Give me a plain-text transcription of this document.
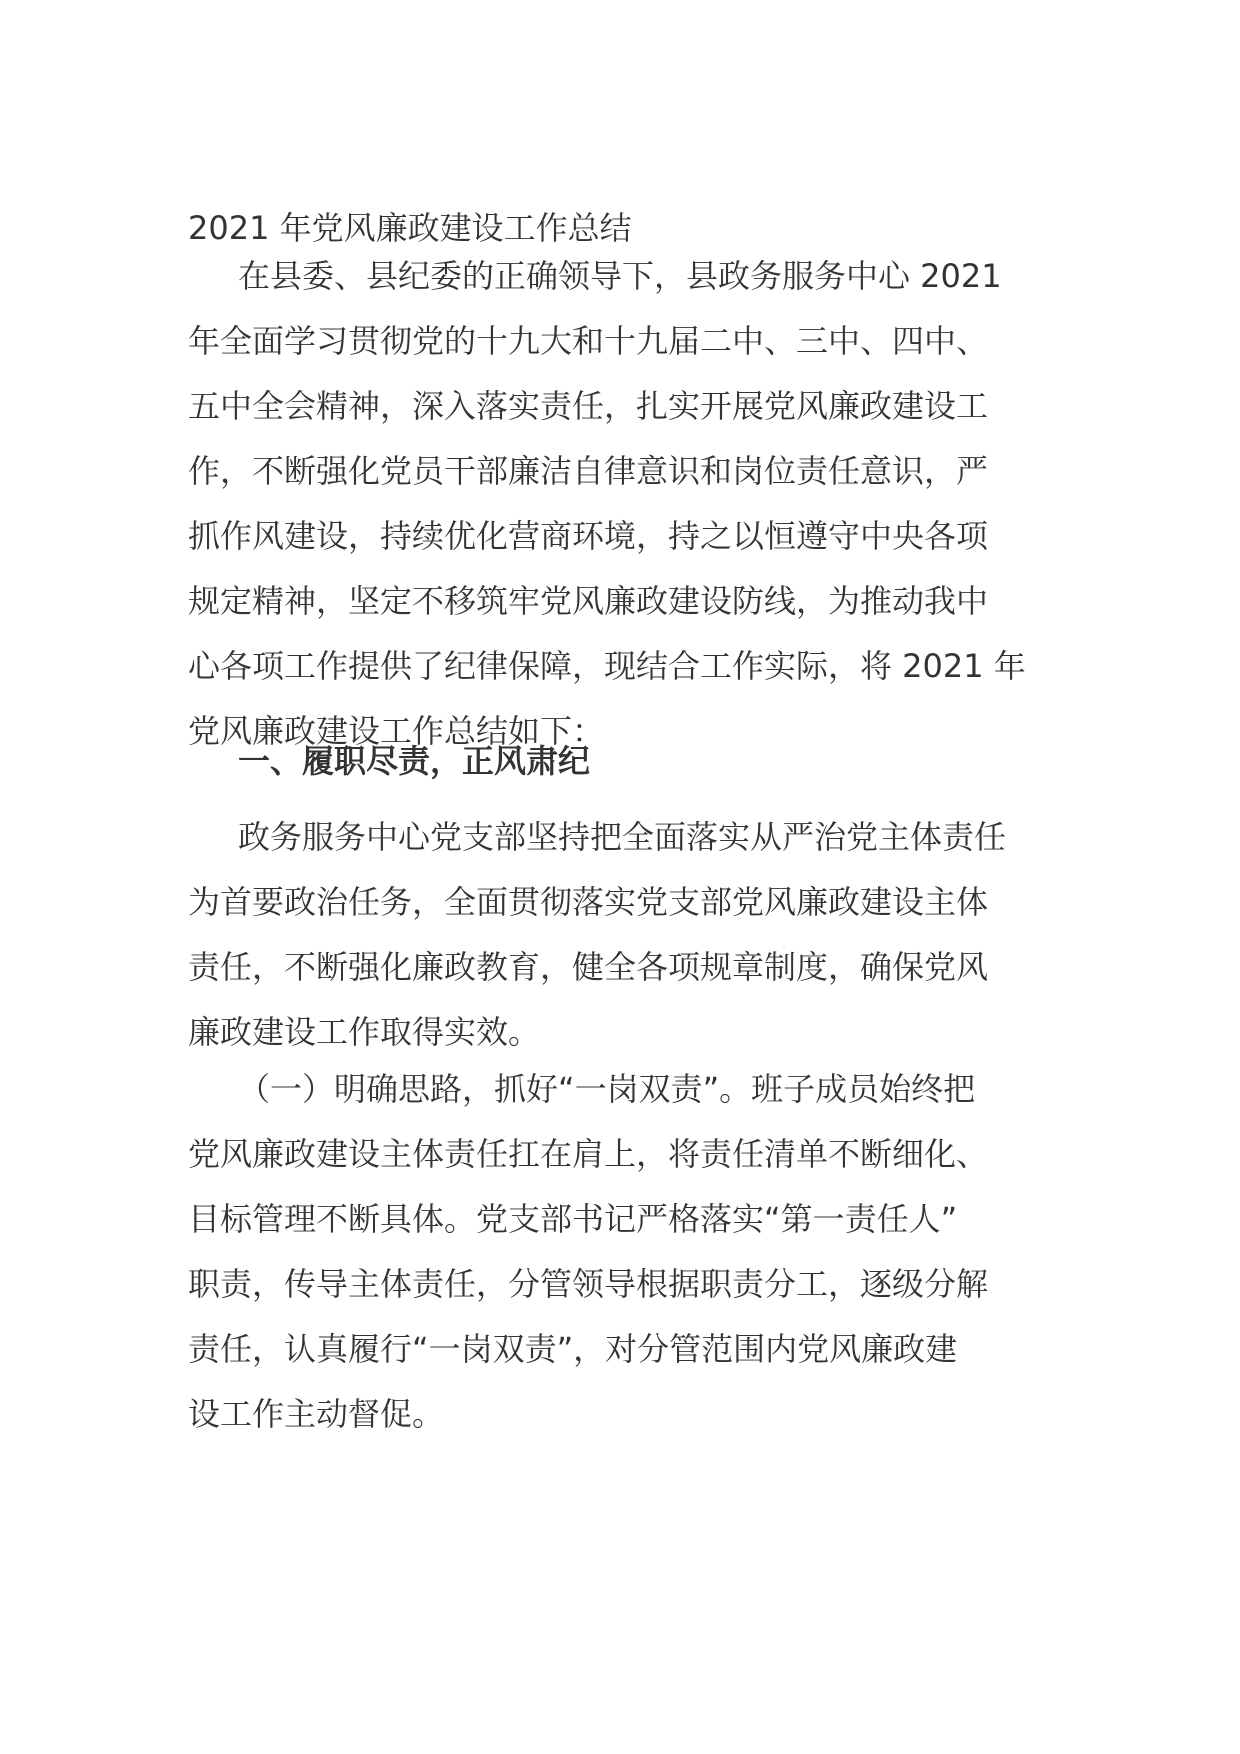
2021 年党风廉政建设工作总结

在县委、县纪委的正确领导下，县政务服务中心 2021
年全面学习贯彻党的十九大和十九届二中、三中、四中、
五中全会精神，深入落实责任，扎实开展党风廉政建设工
作，不断强化党员干部廉洁自律意识和岗位责任意识，严
抓作风建设，持续优化营商环境，持之以恒遵守中央各项
规定精神，坚定不移筑牢党风廉政建设防线，为推动我中
心各项工作提供了纪律保障，现结合工作实际，将 2021 年
党风廉政建设工作总结如下：

一、履职尽责，正风肃纪

政务服务中心党支部坚持把全面落实从严治党主体责任
为首要政治任务，全面贯彻落实党支部党风廉政建设主体
责任，不断强化廉政教育，健全各项规章制度，确保党风
廉政建设工作取得实效。

（一）明确思路，抓好“一岗双责”。班子成员始终把
党风廉政建设主体责任扛在肩上，将责任清单不断细化、
目标管理不断具体。党支部书记严格落实“第一责任人”
职责，传导主体责任，分管领导根据职责分工，逐级分解
责任，认真履行“一岗双责”，对分管范围内党风廉政建
设工作主动督促。
